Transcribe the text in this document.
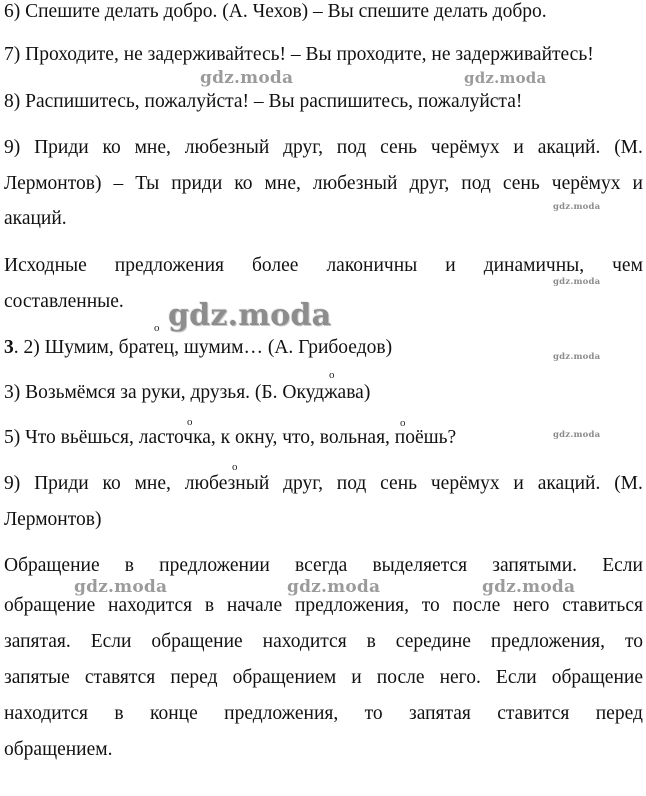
6) Спешите делать добро. (А. Чехов) – Вы спешите делать добро.

7) Проходите, не задерживайтесь! – Вы проходите, не задерживайтесь!

8) Распишитесь, пожалуйста! – Вы распишитесь, пожалуйста!

9) Приди ко мне, любезный друг, под сень черёмух и акаций. (М.
Лермонтов) – Ты приди ко мне, любезный друг, под сень черёмух и

акаций.

Исходные предложения более лаконичны и динамичны, чем

составленные.

3. 2) Шумим, братец, шумим… (А. Грибоедов)

3) Возьмёмся за руки, друзья. (Б. Окуджава)

5) Что вьёшься, ласточка, к окну, что, вольная, поёшь?

9) Приди ко мне, любезный друг, под сень черёмух и акаций. (М.

Лермонтов)

Обращение в предложении всегда выделяется запятыми. Если
обращение находится в начале предложения, то после него ставиться
запятая. Если обращение находится в середине предложения, то
запятые ставятся перед обращением и после него. Если обращение
находится в конце предложения, то запятая ставится перед

обращением.

о
о
о	о
о
gdz.moda	gdz.moda
gdz.moda
gdz.moda
gdz.moda
gdz.moda
gdz.moda
gdz.moda	gdz.moda	gdz.moda
